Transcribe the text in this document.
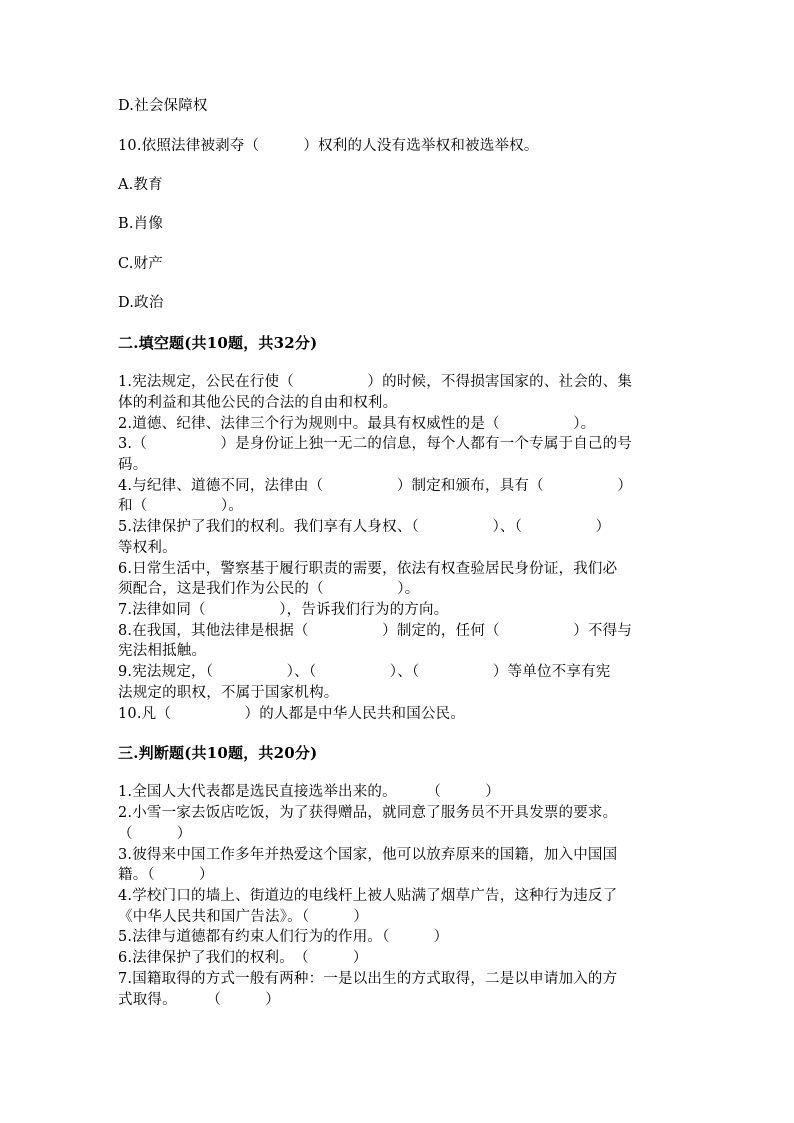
D.社会保障权
10.依照法律被剥夺（　　　）权利的人没有选举权和被选举权。
A.教育
B.肖像
C.财产
D.政治
二.填空题(共10题，共32分)
1.宪法规定，公民在行使（　　　　　）的时候，不得损害国家的、社会的、集
体的利益和其他公民的合法的自由和权利。
2.道德、纪律、法律三个行为规则中。最具有权威性的是（　　　　　）。
3.（　　　　　）是身份证上独一无二的信息，每个人都有一个专属于自己的号
码。
4.与纪律、道德不同，法律由（　　　　　）制定和颁布，具有（　　　　　）
和（　　　　　）。
5.法律保护了我们的权利。我们享有人身权、（　　　　　）、（　　　　　）
等权利。
6.日常生活中，警察基于履行职责的需要，依法有权查验居民身份证，我们必
须配合，这是我们作为公民的（　　　　　）。
7.法律如同（　　　　　），告诉我们行为的方向。
8.在我国，其他法律是根据（　　　　　）制定的，任何（　　　　　）不得与
宪法相抵触。
9.宪法规定，（　　　　　）、（　　　　　）、（　　　　　）等单位不享有宪
法规定的职权，不属于国家机构。
10.凡（　　　　　）的人都是中华人民共和国公民。
三.判断题(共10题，共20分)
1.全国人大代表都是选民直接选举出来的。　　　（　　　）
2.小雪一家去饭店吃饭，为了获得赠品，就同意了服务员不开具发票的要求。
（　　　）
3.彼得来中国工作多年并热爱这个国家，他可以放弃原来的国籍，加入中国国
籍。（　　　）
4.学校门口的墙上、街道边的电线杆上被人贴满了烟草广告，这种行为违反了
《中华人民共和国广告法》。（　　　）
5.法律与道德都有约束人们行为的作用。（　　　）
6.法律保护了我们的权利。　（　　　）
7.国籍取得的方式一般有两种：一是以出生的方式取得，二是以申请加入的方
式取得。　　　（　　　）
